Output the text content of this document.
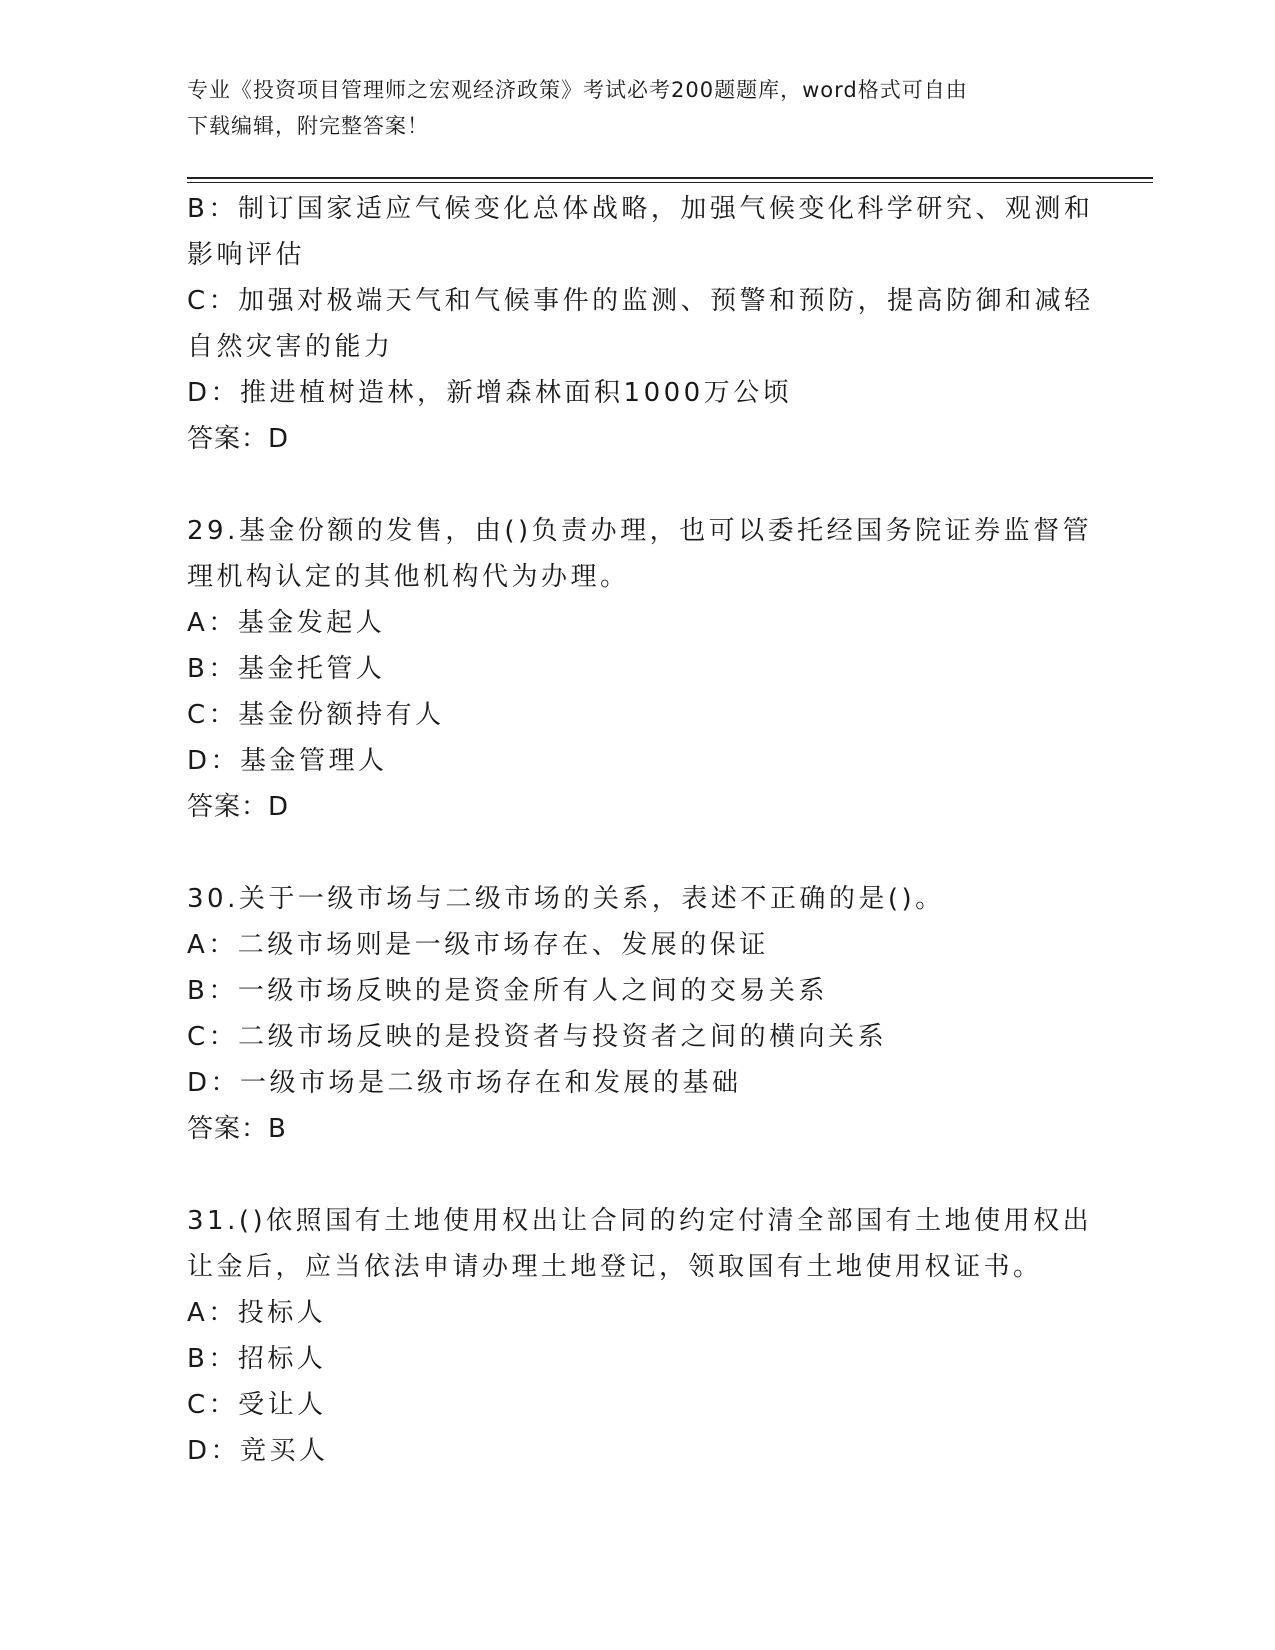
专业《投资项目管理师之宏观经济政策》考试必考200题题库，word格式可自由
下载编辑，附完整答案！
B：制订国家适应气候变化总体战略，加强气候变化科学研究、观测和
影响评估
C：加强对极端天气和气候事件的监测、预警和预防，提高防御和减轻
自然灾害的能力
D：推进植树造林，新增森林面积1000万公顷
答案：D
29.基金份额的发售，由()负责办理，也可以委托经国务院证券监督管
理机构认定的其他机构代为办理。
A：基金发起人
B：基金托管人
C：基金份额持有人
D：基金管理人
答案：D
30.关于一级市场与二级市场的关系，表述不正确的是()。
A：二级市场则是一级市场存在、发展的保证
B：一级市场反映的是资金所有人之间的交易关系
C：二级市场反映的是投资者与投资者之间的横向关系
D：一级市场是二级市场存在和发展的基础
答案：B
31.()依照国有土地使用权出让合同的约定付清全部国有土地使用权出
让金后，应当依法申请办理土地登记，领取国有土地使用权证书。
A：投标人
B：招标人
C：受让人
D：竞买人
